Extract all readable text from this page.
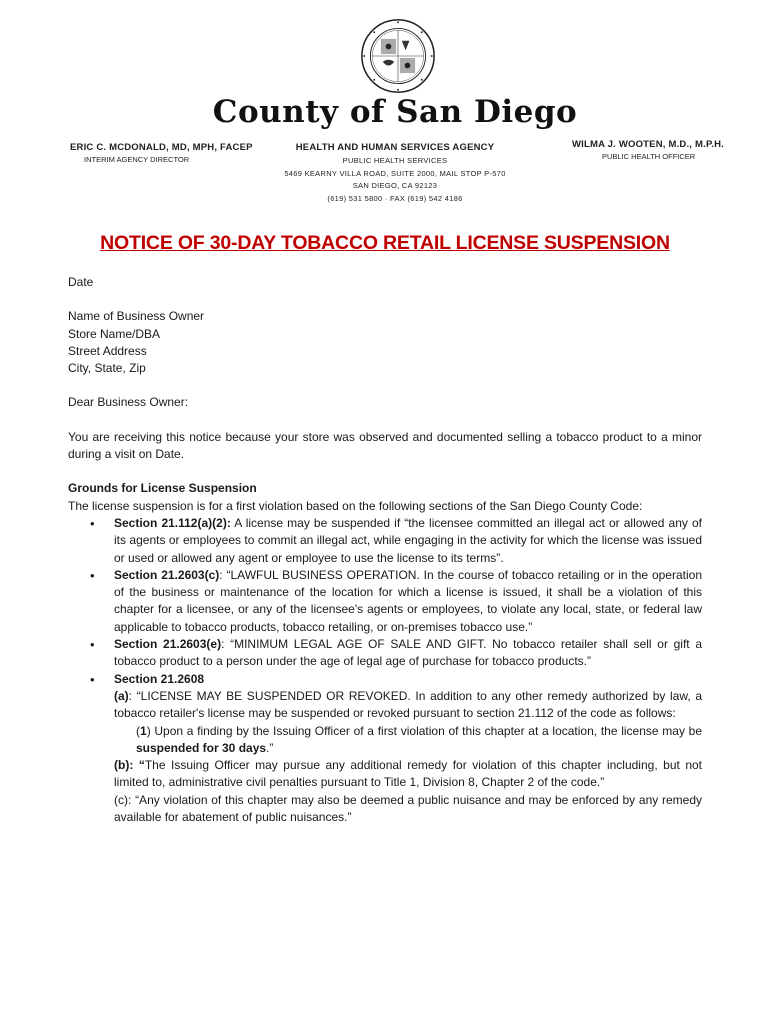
County of San Diego
ERIC C. MCDONALD, MD, MPH, FACEP
INTERIM AGENCY DIRECTOR
HEALTH AND HUMAN SERVICES AGENCY
PUBLIC HEALTH SERVICES
5469 KEARNY VILLA ROAD, SUITE 2000, MAIL STOP P-570
SAN DIEGO, CA 92123
(619) 531 5800 · FAX (619) 542 4186
WILMA J. WOOTEN, M.D., M.P.H.
PUBLIC HEALTH OFFICER
NOTICE OF 30-DAY TOBACCO RETAIL LICENSE SUSPENSION

Date

Name of Business Owner

Store Name/DBA

Street Address

City, State, Zip

Dear Business Owner:

You are receiving this notice because your store was observed and documented selling a tobacco product to a minor during a visit on Date.

Grounds for License Suspension

The license suspension is for a first violation based on the following sections of the San Diego County Code:

• Section 21.112(a)(2): A license may be suspended if “the licensee committed an illegal act or allowed any of its agents or employees to commit an illegal act, while engaging in the activity for which the license was issued or used or allowed any agent or employee to use the license to its terms”.
• Section 21.2603(c): “LAWFUL BUSINESS OPERATION. In the course of tobacco retailing or in the operation of the business or maintenance of the location for which a license is issued, it shall be a violation of this chapter for a licensee, or any of the licensee's agents or employees, to violate any local, state, or federal law applicable to tobacco products, tobacco retailing, or on-premises tobacco use.”
• Section 21.2603(e): “MINIMUM LEGAL AGE OF SALE AND GIFT. No tobacco retailer shall sell or gift a tobacco product to a person under the age of legal age of purchase for tobacco products.”
• Section 21.2608
(a): “LICENSE MAY BE SUSPENDED OR REVOKED. In addition to any other remedy authorized by law, a tobacco retailer's license may be suspended or revoked pursuant to section 21.112 of the code as follows:
(1) Upon a finding by the Issuing Officer of a first violation of this chapter at a location, the license may be suspended for 30 days.”
(b): “The Issuing Officer may pursue any additional remedy for violation of this chapter including, but not limited to, administrative civil penalties pursuant to Title 1, Division 8, Chapter 2 of the code.”
(c): “Any violation of this chapter may also be deemed a public nuisance and may be enforced by any remedy available for abatement of public nuisances.”
